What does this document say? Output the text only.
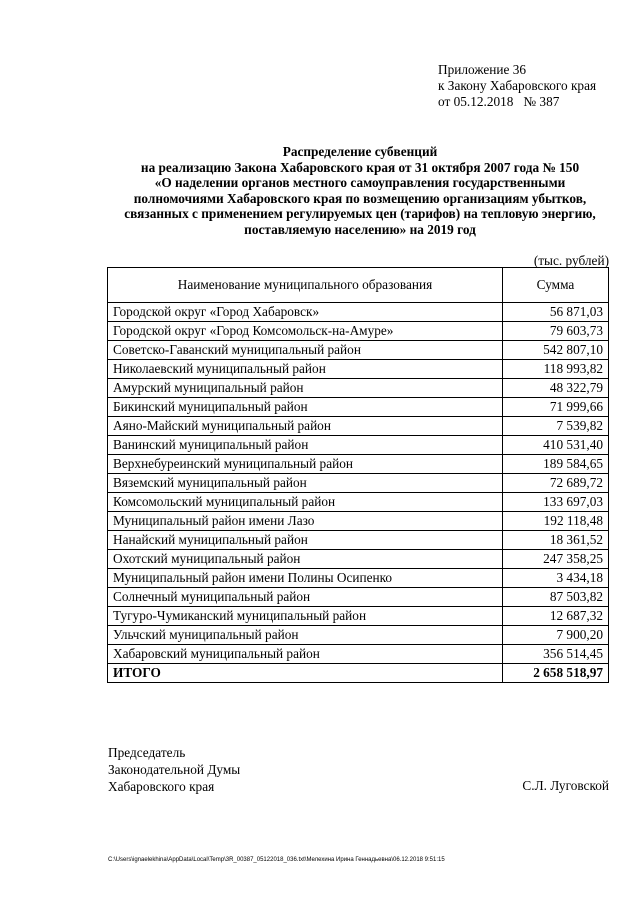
Приложение 36
к Закону Хабаровского края
от 05.12.2018   № 387
Распределение субвенций
на реализацию Закона Хабаровского края от 31 октября 2007 года № 150
«О наделении органов местного самоуправления государственными
полномочиями Хабаровского края по возмещению организациям убытков,
связанных с применением регулируемых цен (тарифов) на тепловую энергию,
поставляемую населению» на 2019 год
(тыс. рублей)
Наименование муниципального образования	Сумма
Городской округ «Город Хабаровск»	56 871,03
Городской округ «Город Комсомольск-на-Амуре»	79 603,73
Советско-Гаванский муниципальный район	542 807,10
Николаевский муниципальный район	118 993,82
Амурский муниципальный район	48 322,79
Бикинский муниципальный район	71 999,66
Аяно-Майский муниципальный район	7 539,82
Ванинский муниципальный район	410 531,40
Верхнебуреинский муниципальный район	189 584,65
Вяземский муниципальный район	72 689,72
Комсомольский муниципальный район	133 697,03
Муниципальный район имени Лазо	192 118,48
Нанайский муниципальный район	18 361,52
Охотский муниципальный район	247 358,25
Муниципальный район имени Полины Осипенко	3 434,18
Солнечный муниципальный район	87 503,82
Тугуро-Чумиканский муниципальный район	12 687,32
Ульчский муниципальный район	7 900,20
Хабаровский муниципальный район	356 514,45
ИТОГО	2 658 518,97
Председатель
Законодательной Думы
Хабаровского края	С.Л. Луговской
C:\Users\ignaelekhina\AppData\Local\Temp\3R_00387_05122018_036.txt\Мелехина Ирина Геннадьевна\06.12.2018 9:51:15
